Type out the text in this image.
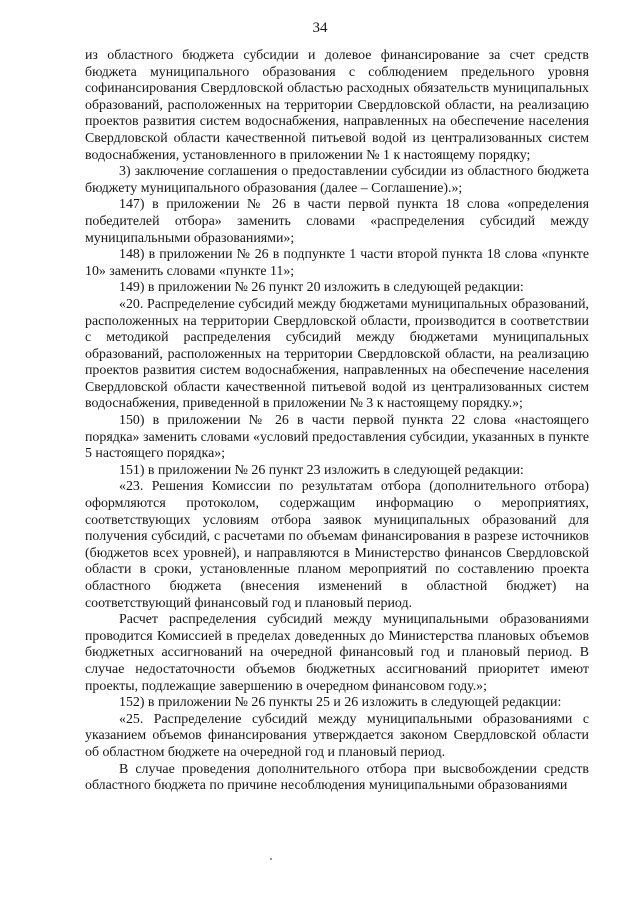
34

из областного бюджета субсидии и долевое финансирование за счет средств бюджета муниципального образования с соблюдением предельного уровня софинансирования Свердловской областью расходных обязательств муниципальных образований, расположенных на территории Свердловской области, на реализацию проектов развития систем водоснабжения, направленных на обеспечение населения Свердловской области качественной питьевой водой из централизованных систем водоснабжения, установленного в приложении № 1 к настоящему порядку;

3) заключение соглашения о предоставлении субсидии из областного бюджета бюджету муниципального образования (далее – Соглашение).»;

147) в приложении № 26 в части первой пункта 18 слова «определения победителей отбора» заменить словами «распределения субсидий между муниципальными образованиями»;

148) в приложении № 26 в подпункте 1 части второй пункта 18 слова «пункте 10» заменить словами «пункте 11»;

149) в приложении № 26 пункт 20 изложить в следующей редакции:

«20. Распределение субсидий между бюджетами муниципальных образований, расположенных на территории Свердловской области, производится в соответствии с методикой распределения субсидий между бюджетами муниципальных образований, расположенных на территории Свердловской области, на реализацию проектов развития систем водоснабжения, направленных на обеспечение населения Свердловской области качественной питьевой водой из централизованных систем водоснабжения, приведенной в приложении № 3 к настоящему порядку.»;

150) в приложении № 26 в части первой пункта 22 слова «настоящего порядка» заменить словами «условий предоставления субсидии, указанных в пункте 5 настоящего порядка»;

151) в приложении № 26 пункт 23 изложить в следующей редакции:

«23. Решения Комиссии по результатам отбора (дополнительного отбора) оформляются протоколом, содержащим информацию о мероприятиях, соответствующих условиям отбора заявок муниципальных образований для получения субсидий, с расчетами по объемам финансирования в разрезе источников (бюджетов всех уровней), и направляются в Министерство финансов Свердловской области в сроки, установленные планом мероприятий по составлению проекта областного бюджета (внесения изменений в областной бюджет) на соответствующий финансовый год и плановый период.

Расчет распределения субсидий между муниципальными образованиями проводится Комиссией в пределах доведенных до Министерства плановых объемов бюджетных ассигнований на очередной финансовый год и плановый период. В случае недостаточности объемов бюджетных ассигнований приоритет имеют проекты, подлежащие завершению в очередном финансовом году.»;

152) в приложении № 26 пункты 25 и 26 изложить в следующей редакции:

«25. Распределение субсидий между муниципальными образованиями с указанием объемов финансирования утверждается законом Свердловской области об областном бюджете на очередной год и плановый период.

В случае проведения дополнительного отбора при высвобождении средств областного бюджета по причине несоблюдения муниципальными образованиями
